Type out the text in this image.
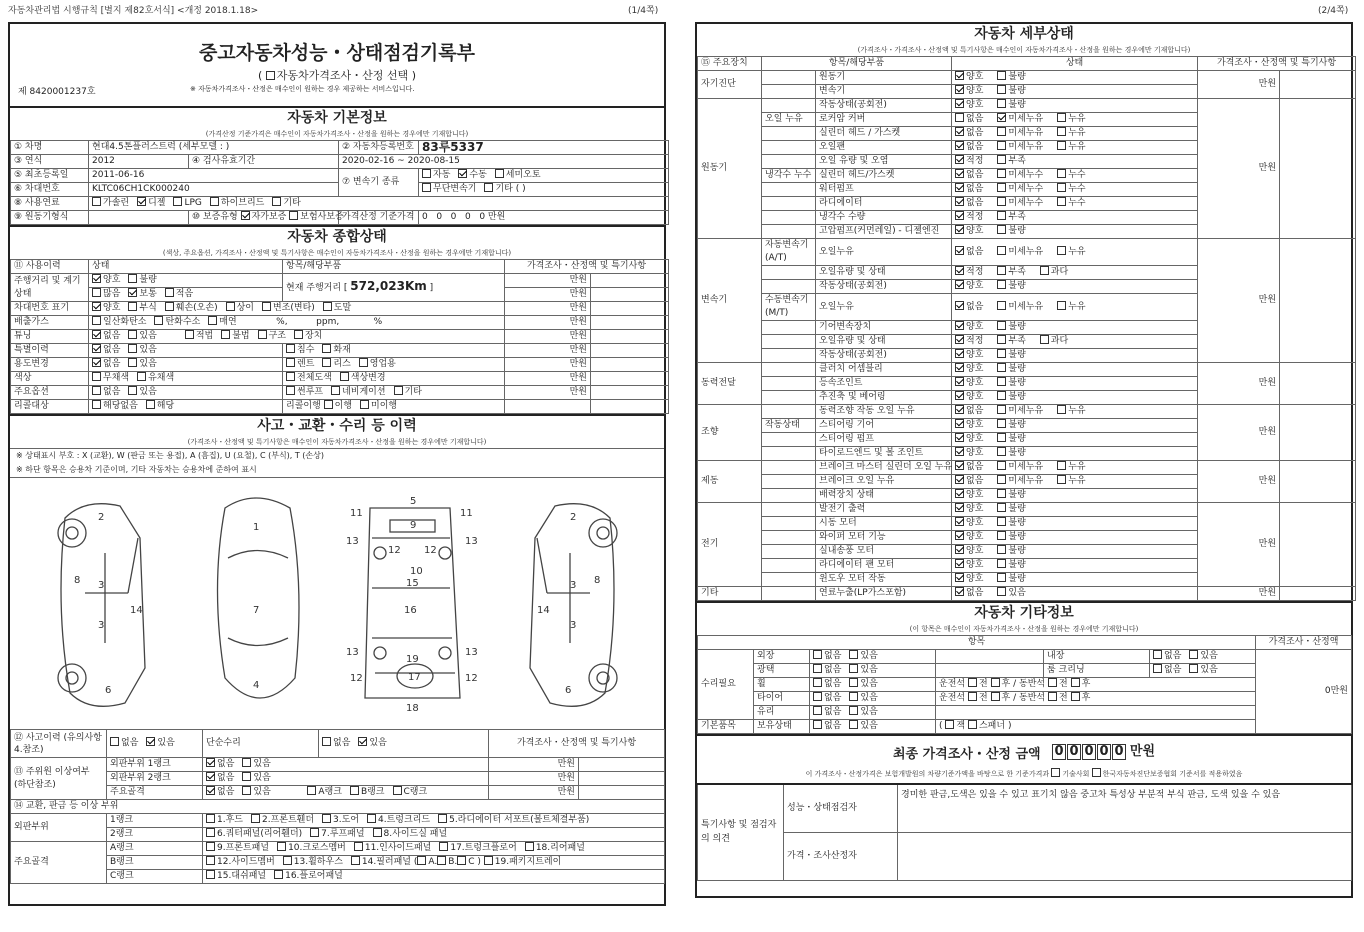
자동차관리법 시행규칙 [별지 제82호서식] <개정 2018.1.18>	(1/4쪽)	(2/4쪽)
중고자동차성능・상태점검기록부
( 자동차가격조사・산정 선택 )
제 8420001237호	※ 자동차가격조사・산정은 매수인이 원하는 경우 제공하는 서비스입니다.
자동차 기본정보
(가격산정 기준가격은 매수인이 자동차가격조사・산정을 원하는 경우에만 기재합니다)
① 차명	현대4.5톤플러스트럭 (세부모델 : )		② 자동차등록번호	83루5337
③ 연식	2012	④ 검사유효기간	2020-02-16 ~ 2020-08-15	
⑤ 최초등록일	2011-06-16		⑦ 변속기 종류	자동 수동 세미오토
⑥ 차대번호	KLTC06CH1CK000240			무단변속기 기타 ( )
⑧ 사용연료	가솔린 디젤 LPG 하이브리드 기타			
⑨ 원동기형식		⑩ 보증유형 자가보증 보험사보증	가격산정 기준가격	0 0 0 0 0 만원
자동차 종합상태
(색상, 주요옵션, 가격조사・산정액 및 특기사항은 매수인이 자동차가격조사・산정을 원하는 경우에만 기재합니다)
⑪ 사용이력	상태	항목/해당부품	가격조사・산정액 및 특기사항	
주행거리 및 계기상태	양호 불량	현재 주행거리 [ 572,023Km ]	만원	
	많음 보통 적음		만원	
차대번호 표기	양호 부식 훼손(오손) 상이 변조(변타) 도말		만원	
배출가스	일산화탄소 탄화수소 매연 %, ppm, %		만원	
튜닝	없음 있음 적법 불법 구조 장치		만원	
특별이력	없음 있음	침수 화재	만원	
용도변경	없음 있음	렌트 리스 영업용	만원	
색상	무채색 유채색	전체도색 색상변경	만원	
주요옵션	없음 있음	썬루프 네비게이션 기타	만원	
리콜대상	해당없음 해당	리콜이행 이행 미이행		
사고・교환・수리 등 이력
(가격조사・산정액 및 특기사항은 매수인이 자동차가격조사・산정을 원하는 경우에만 기재합니다)
※ 상태표시 부호 : X (교환), W (판금 또는 용접), A (흠집), U (요철), C (부식), T (손상)
※ 하단 항목은 승용차 기준이며, 기타 자동차는 승용차에 준하여 표시
2
8 3
14
3
6
1
7
4
5
9
11	11
13	13
12 12
10
15
16
19
17
18
13	13
12	12
2
8
3
14
3
6
⑫ 사고이력 (유의사항 4.참조)	없음 있음	단순수리	없음 있음	가격조사・산정액 및 특기사항	
⑬ 주위원 이상여부 (하단참조)	외판부위 1랭크	없음 있음		만원	
	외판부위 2랭크	없음 있음		만원	
	주요골격	없음 있음 A랭크 B랭크 C랭크		만원	
⑭ 교환, 판금 등 이상 부위					
외판부위	1랭크	1.후드 2.프론트휀더 3.도어 4.트렁크리드 5.라디에이터 서포트(볼트체결부품)			
	2랭크	6.쿼터패널(리어휀더) 7.루프패널 8.사이드실 패널			
주요골격	A랭크	9.프론트패널 10.크로스멤버 11.인사이드패널 17.트렁크플로어 18.리어패널			
	B랭크	12.사이드멤버 13.휠하우스 14.필러패널 ( A. B. C ) 19.패키지트레이			
	C랭크	15.대쉬패널 16.플로어패널			
자동차 세부상태
(가격조사・가격조사・산정액 및 특기사항은 매수인이 자동차가격조사・산정을 원하는 경우에만 기재합니다)
⑮ 주요장치	항목/해당부품		상태	가격조사・산정액 및 특기사항	
자기진단		원동기	양호 불량	만원	
		변속기	양호 불량		
원동기		작동상태(공회전)	양호 불량	만원	
	오일 누유	로커암 커버	없음 미세누유 누유		
		실린더 헤드 / 가스켓	없음 미세누유 누유		
		오일팬	없음 미세누유 누유		
		오일 유량 및 오염	적정 부족		
	냉각수 누수	실린더 헤드/가스켓	없음 미세누수 누수		
		워터펌프	없음 미세누수 누수		
		라디에이터	없음 미세누수 누수		
		냉각수 수량	적정 부족		
		고압펌프(커먼레일) - 디젤엔진	양호 불량		
변속기	자동변속기 (A/T)	오일누유	없음 미세누유 누유	만원	
		오일유량 및 상태	적정 부족 과다		
		작동상태(공회전)	양호 불량		
	수동변속기 (M/T)	오일누유	없음 미세누유 누유		
		기어변속장치	양호 불량		
		오일유량 및 상태	적정 부족 과다		
		작동상태(공회전)	양호 불량		
동력전달		클러치 어셈블리	양호 불량	만원	
		등속조인트	양호 불량		
		추진축 및 베어링	양호 불량		
조향		동력조향 작동 오일 누유	없음 미세누유 누유	만원	
	작동상태	스티어링 기어	양호 불량		
		스티어링 펌프	양호 불량		
		타이로드엔드 및 볼 조인트	양호 불량		
제동		브레이크 마스터 실린더 오일 누유	없음 미세누유 누유	만원	
		브레이크 오일 누유	없음 미세누유 누유		
		배력장치 상태	양호 불량		
전기		발전기 출력	양호 불량	만원	
		시동 모터	양호 불량		
		와이퍼 모터 기능	양호 불량		
		실내송풍 모터	양호 불량		
		라디에이터 팬 모터	양호 불량		
		윈도우 모터 작동	양호 불량		
기타		연료누출(LP가스포함)	없음 있음	만원	
자동차 기타정보
(이 항목은 매수인이 자동차가격조사・산정을 원하는 경우에만 기재합니다)
항목						가격조사・산정액
수리필요	외장	없음 있음		내장	없음 있음	0만원
	광택	없음 있음		룸 크리닝	없음 있음	
	휠	없음 있음	운전석 전 후 / 동반석 전 후			
	타이어	없음 있음	운전석 전 후 / 동반석 전 후			
	유리	없음 있음				
기본품목	보유상태	없음 있음	( 잭 스패너 )			
최종 가격조사・산정 금액 0 0 0 0 0 만원
이 가격조사・산정가격은 보험개발원의 차량기준가액을 바탕으로 한 기준가격과 기술사회 한국자동차진단보증협회 기준서를 적용하였음
특기사항 및 점검자의 의견	성능・상태점검자	경미한 판금,도색은 있을 수 있고 표기치 않음 중고차 특성상 부분적 부식 판금, 도색 있을 수 있음
	가격・조사산정자	
